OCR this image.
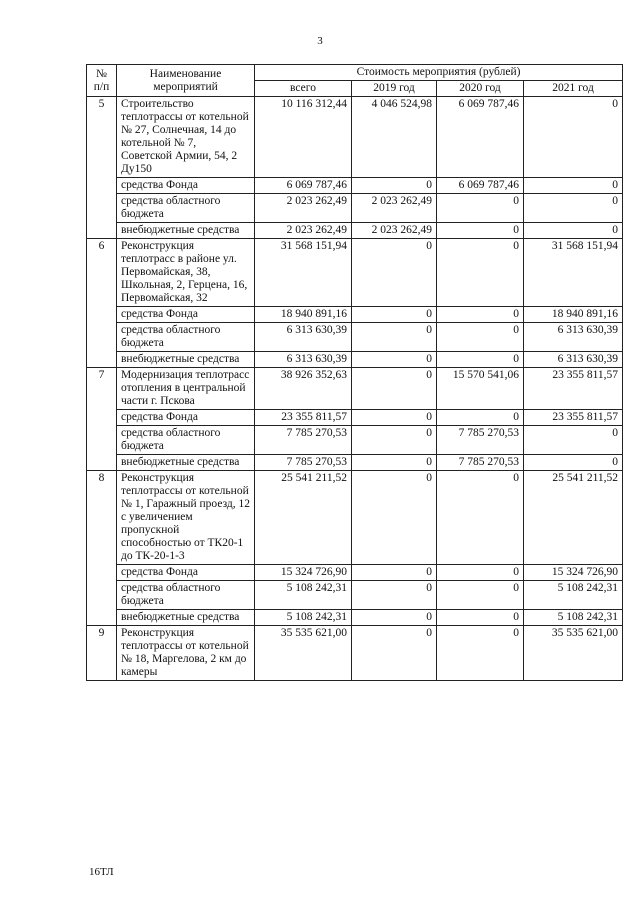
3
№ п/п	Наименование мероприятий	Стоимость мероприятия (рублей)			
		всего	2019 год	2020 год	2021 год
5	Строительство теплотрассы от котельной № 27, Солнечная, 14 до котельной № 7, Советской Армии, 54, 2 Ду150	10 116 312,44	4 046 524,98	6 069 787,46	0
	средства Фонда	6 069 787,46	0	6 069 787,46	0
	средства областного бюджета	2 023 262,49	2 023 262,49	0	0
	внебюджетные средства	2 023 262,49	2 023 262,49	0	0
6	Реконструкция теплотрасс в районе ул. Первомайская, 38, Школьная, 2, Герцена, 16, Первомайская, 32	31 568 151,94	0	0	31 568 151,94
	средства Фонда	18 940 891,16	0	0	18 940 891,16
	средства областного бюджета	6 313 630,39	0	0	6 313 630,39
	внебюджетные средства	6 313 630,39	0	0	6 313 630,39
7	Модернизация теплотрасс отопления в центральной части г. Пскова	38 926 352,63	0	15 570 541,06	23 355 811,57
	средства Фонда	23 355 811,57	0	0	23 355 811,57
	средства областного бюджета	7 785 270,53	0	7 785 270,53	0
	внебюджетные средства	7 785 270,53	0	7 785 270,53	0
8	Реконструкция теплотрассы от котельной № 1, Гаражный проезд, 12 с увеличением пропускной способностью от ТК20-1 до ТК-20-1-3	25 541 211,52	0	0	25 541 211,52
	средства Фонда	15 324 726,90	0	0	15 324 726,90
	средства областного бюджета	5 108 242,31	0	0	5 108 242,31
	внебюджетные средства	5 108 242,31	0	0	5 108 242,31
9	Реконструкция теплотрассы от котельной № 18, Маргелова, 2 км до камеры	35 535 621,00	0	0	35 535 621,00
16ТЛ
